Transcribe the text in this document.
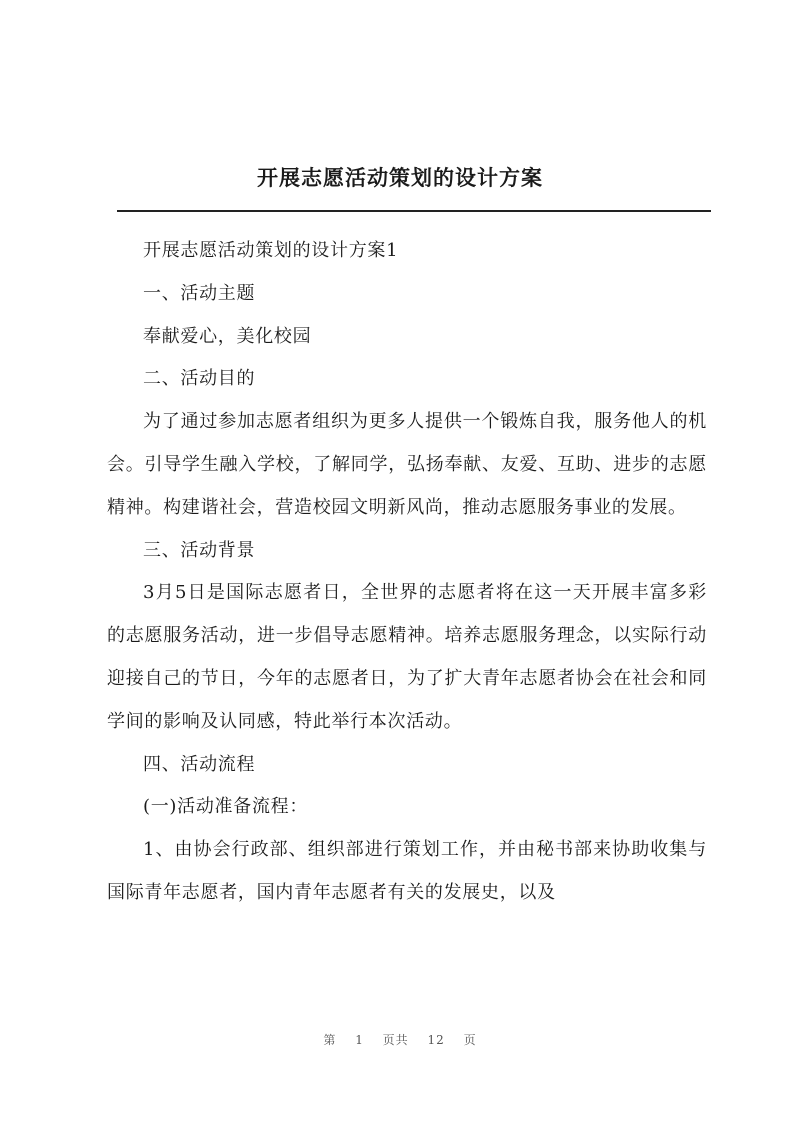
开展志愿活动策划的设计方案

开展志愿活动策划的设计方案1

一、活动主题

奉献爱心，美化校园

二、活动目的

为了通过参加志愿者组织为更多人提供一个锻炼自我，服务他人的机会。引导学生融入学校，了解同学，弘扬奉献、友爱、互助、进步的志愿精神。构建谐社会，营造校园文明新风尚，推动志愿服务事业的发展。

三、活动背景

3月5日是国际志愿者日，全世界的志愿者将在这一天开展丰富多彩的志愿服务活动，进一步倡导志愿精神。培养志愿服务理念，以实际行动迎接自己的节日，今年的志愿者日，为了扩大青年志愿者协会在社会和同学间的影响及认同感，特此举行本次活动。

四、活动流程

(一)活动准备流程：

1、由协会行政部、组织部进行策划工作，并由秘书部来协助收集与国际青年志愿者，国内青年志愿者有关的发展史，以及

第 1 页共 12 页
